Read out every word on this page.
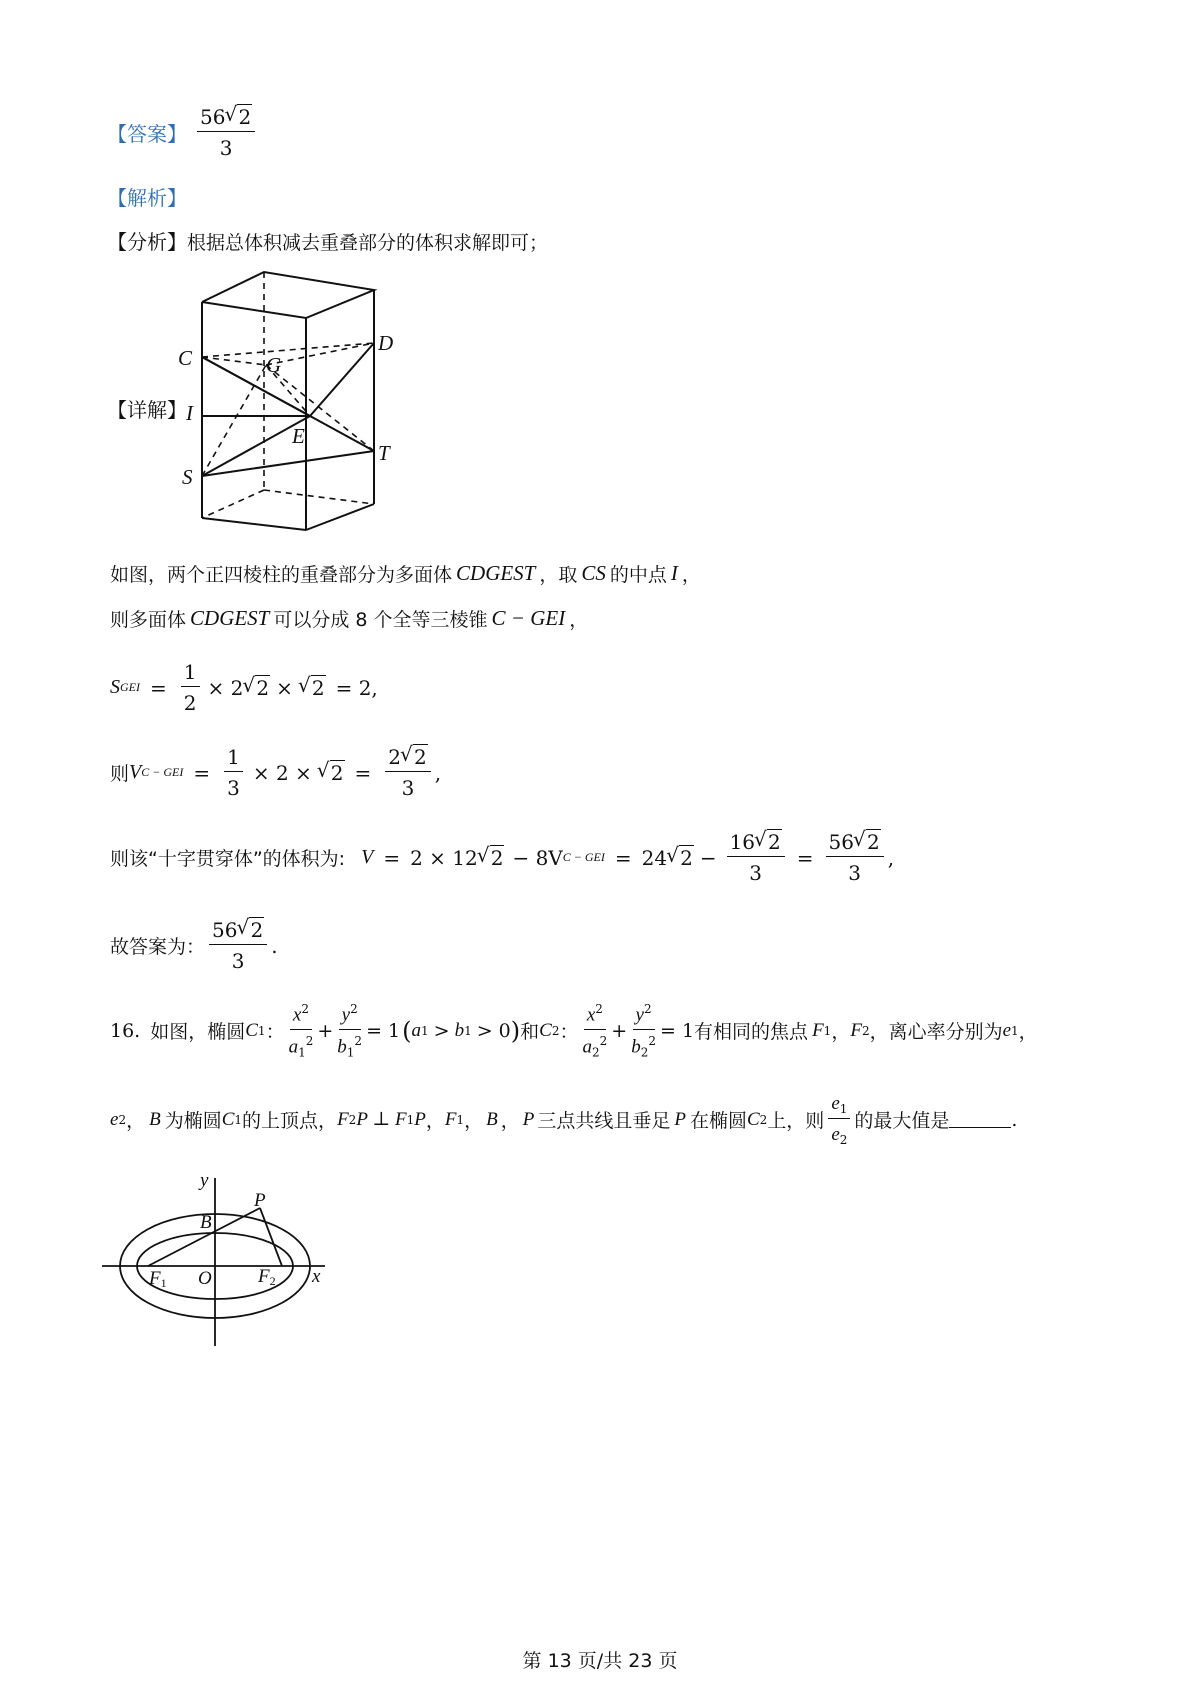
【答案】 $\frac{56 √ 2}{3}$
【解析】
【分析】根据总体积减去重叠部分的体积求解即可；
【详解】
C
D
G
I
E
T
S
如图，两个正四棱柱的重叠部分为多面体 CDGEST ，取 CS 的中点 I ，
则多面体 CDGEST 可以分成 8 个全等三棱锥 C − GEI ，
S GEI = $\frac{1}{2} \times 2$ √ 2 × √ 2 = 2,
则 V C − GEI = $\frac{1}{3} \times 2$ × √ $2 = \frac{2 √ 2}{3}$ ,
则该“十字贯穿体”的体积为: V = 2 × 12 √ 2 − 8V C − GEI = 24 √ $2 - \frac{16 √ 2}{3} = \frac{56 √ 2}{3}$ ,
故答案为： $\frac{56 √ 2}{3}$ .
16. 如图，椭圆 C 1 ： $\frac{x^2}{a_1^2} + \frac{y^2}{b_1^2} = 1$ ( a 1 > b 1 > 0 ) 和 C 2 ： $\frac{x^2}{a_2^2} + \frac{y^2}{b_2^2} = 1$ 有相同的焦点 F 1 ， F 2 ，离心率分别为 e 1 ，
e 2 ， B 为椭圆 C 1 的上顶点， F 2 P ⊥ F 1 P ， F 1 ， B ， P 三点共线且垂足 P 在椭圆 C 2 上，则 $\frac{e_1}{e_2}$ 的最大值是	.
y
x
P
B
O
F1	F2
第 13 页/共 23 页
